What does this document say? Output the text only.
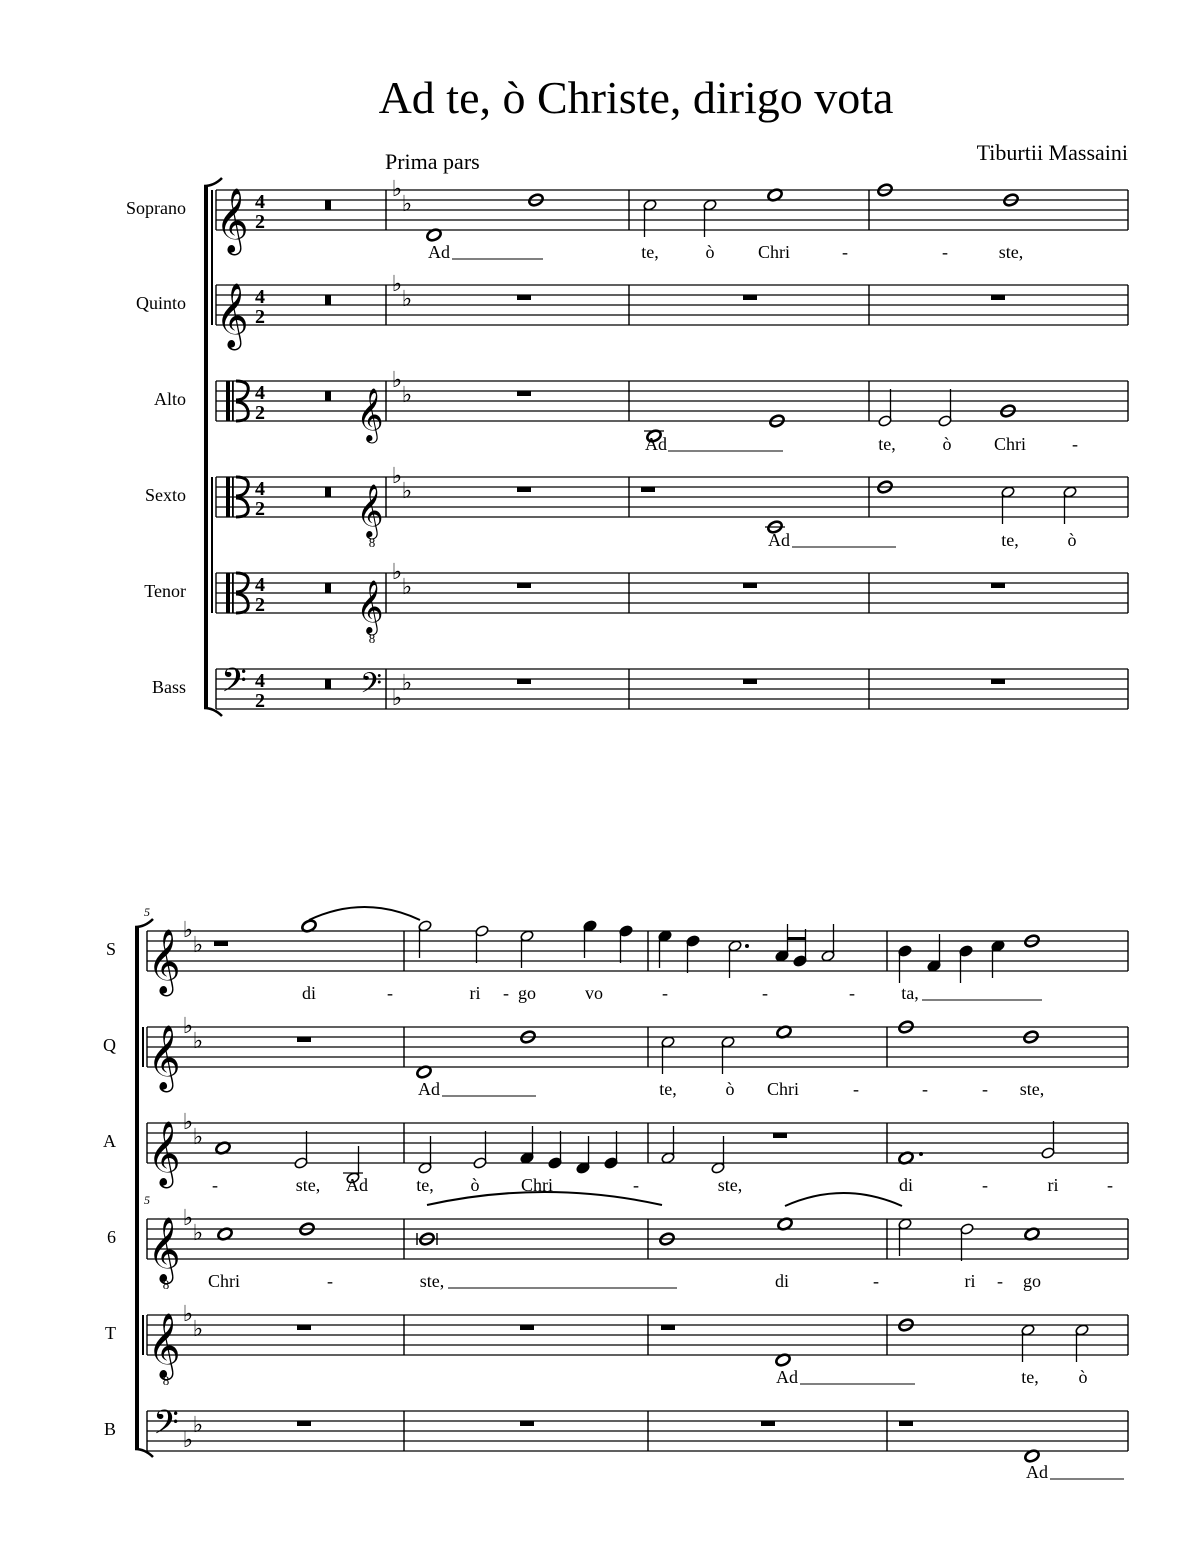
Ad te, ò Christe, dirigo vota
Tiburtii Massaini
Prima pars
Soprano	4
2
Quinto	4
2
Alto	4
2
Sexto	4
2
Tenor	4
2
Bass	4
2
𝄞
𝄞
𝄢
𝄞
𝄞
8
𝄞
8
𝄢
♭
♭
♭
♭
♭
♭
♭
♭
♭
♭
♭
♭
Ad	te,	ò Chri	-	-	ste,
Ad	te,	ò Chri	-
Ad	te,	ò
5
5
S
Q
A
6
T
B
𝄞
♭
♭
𝄞
♭
♭
𝄞
♭
♭
𝄞
8
♭
♭
𝄞
8
♭
♭
𝄢 ♭
♭
di	-	ri - go	vo	-	-	-	ta,
Ad	te,	ò Chri	-	-	- ste,
-	ste, Ad	te, ò Chri	-	ste,	di	-	ri	-
Chri	-	ste,	di	-	ri - go
Ad	te, ò
Ad
